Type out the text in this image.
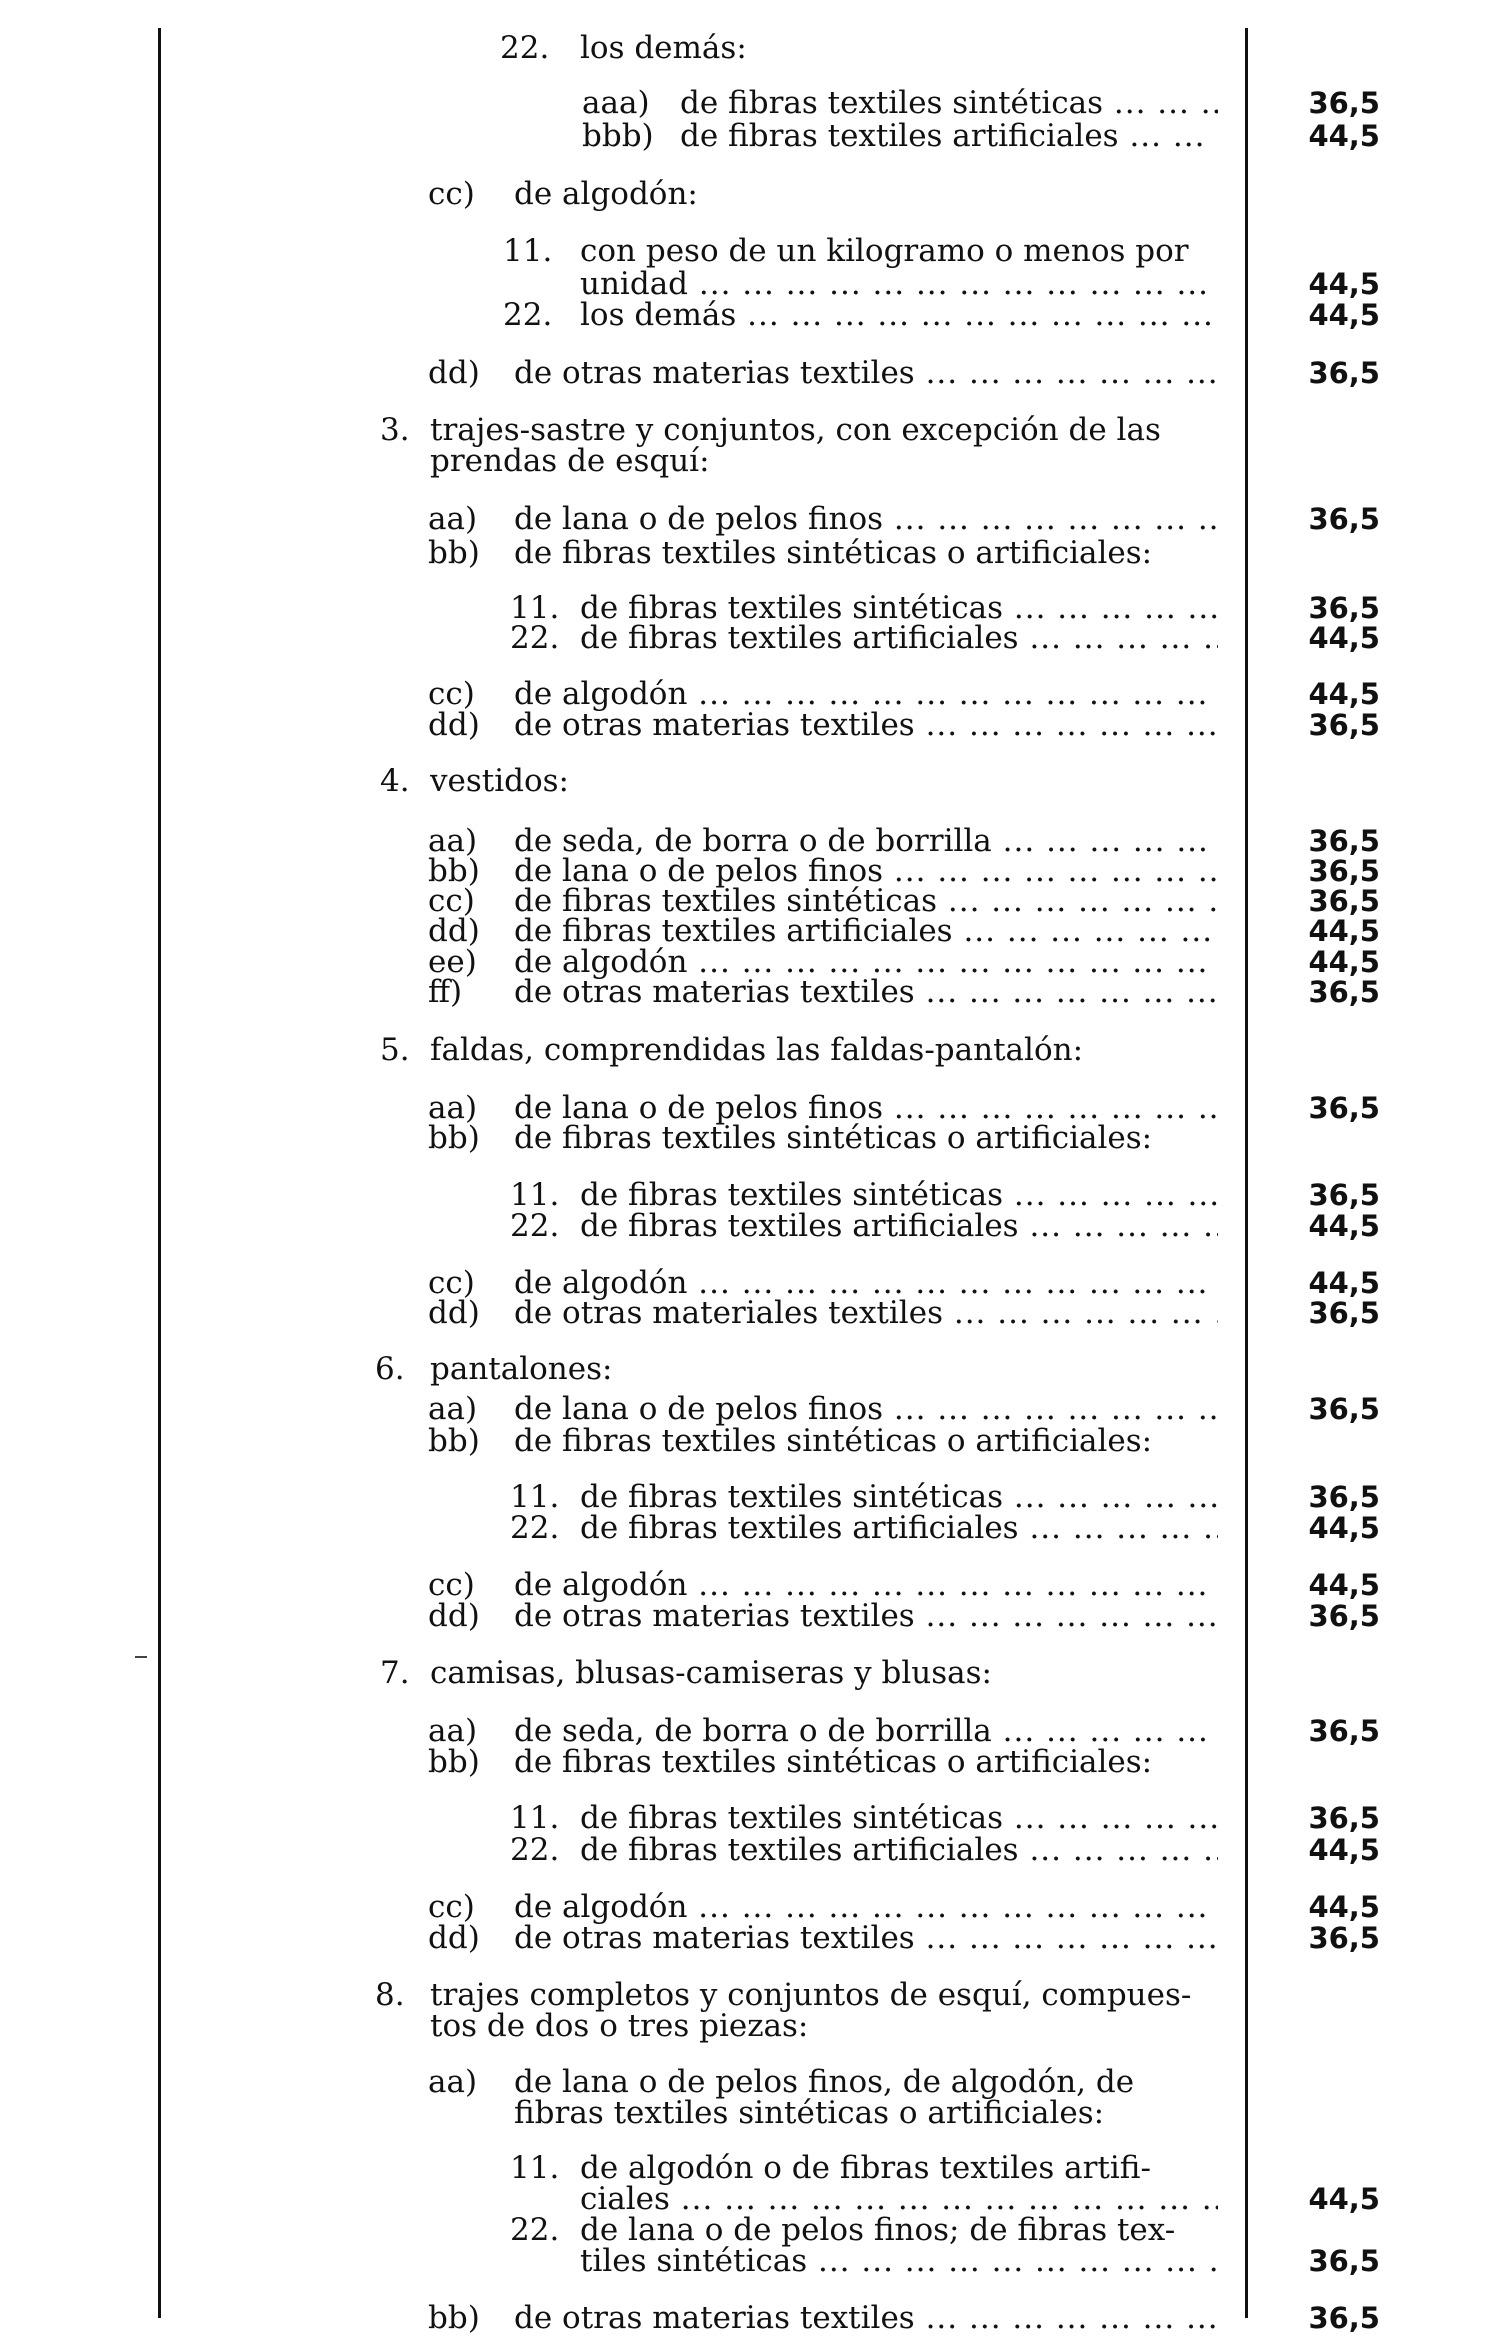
22. los demás:
aaa) de fibras textiles sintéticas ... .	36,5
bbb) de fibras textiles artificiales ... .	44,5
cc) de algodón:
11. con peso de un kilogramo o menos por
unidad ... .	44,5
22. los demás ... .	44,5
dd) de otras materias textiles ... .	36,5
3. trajes-sastre y conjuntos, con excepción de las
prendas de esquí:
aa) de lana o de pelos finos ... .	36,5
bb) de fibras textiles sintéticas o artificiales:
11. de fibras textiles sintéticas ... .	36,5
22. de fibras textiles artificiales ... .	44,5
cc) de algodón ... .	44,5
dd) de otras materias textiles ... .	36,5
4. vestidos:
aa) de seda, de borra o de borrilla ... .	36,5
bb) de lana o de pelos finos ... .	36,5
cc) de fibras textiles sintéticas ... .	36,5
dd) de fibras textiles artificiales ... .	44,5
ee) de algodón ... .	44,5
ff) de otras materias textiles ... .	36,5
5. faldas, comprendidas las faldas-pantalón:
aa) de lana o de pelos finos ... .	36,5
bb) de fibras textiles sintéticas o artificiales:
11. de fibras textiles sintéticas ... .	36,5
22. de fibras textiles artificiales ... .	44,5
cc) de algodón ... .	44,5
dd) de otras materiales textiles ... .	36,5
6. pantalones:
aa) de lana o de pelos finos ... .	36,5
bb) de fibras textiles sintéticas o artificiales:
11. de fibras textiles sintéticas ... .	36,5
22. de fibras textiles artificiales ... .	44,5
cc) de algodón ... .	44,5
dd) de otras materias textiles ... .	36,5
7. camisas, blusas-camiseras y blusas:
aa) de seda, de borra o de borrilla ... .	36,5
bb) de fibras textiles sintéticas o artificiales:
11. de fibras textiles sintéticas ... .	36,5
22. de fibras textiles artificiales ... .	44,5
cc) de algodón ... .	44,5
dd) de otras materias textiles ... .	36,5
8. trajes completos y conjuntos de esquí, compues-
tos de dos o tres piezas:
aa) de lana o de pelos finos, de algodón, de
fibras textiles sintéticas o artificiales:
11. de algodón o de fibras textiles artifi-
ciales ... .	44,5
22. de lana o de pelos finos; de fibras tex-
tiles sintéticas ... .	36,5
bb) de otras materias textiles ... .	36,5
